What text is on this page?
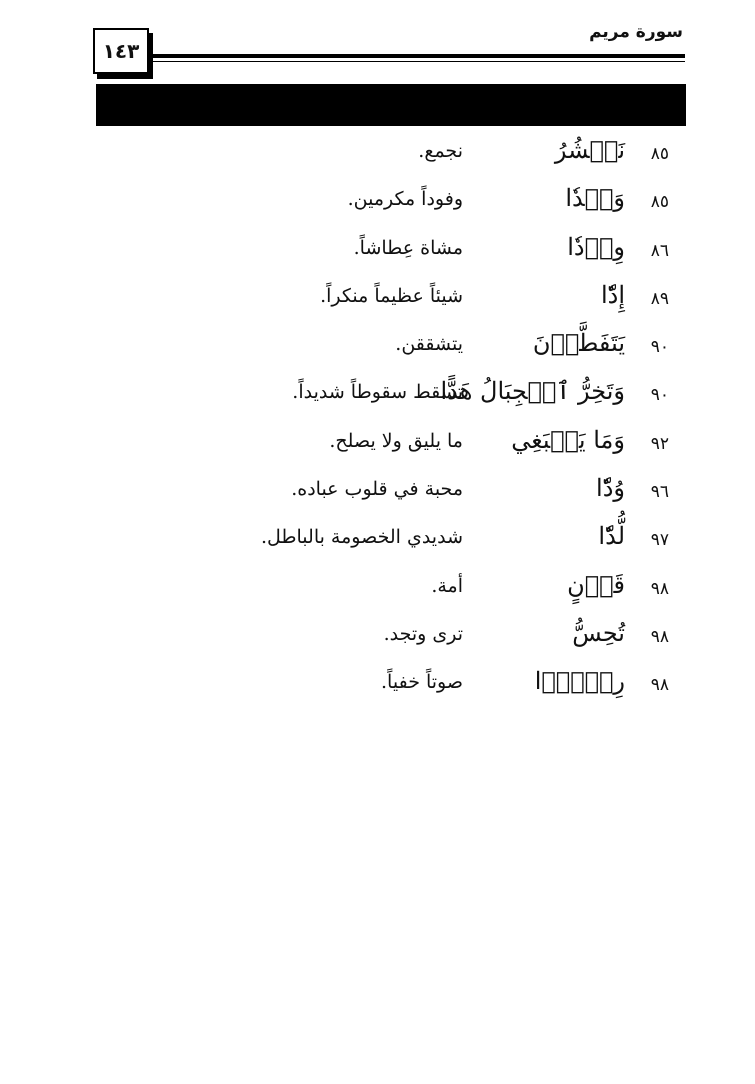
١٤٣
سورة مريم
٨٥
نَحۡشُرُ
نجمع.
٨٥
وَفۡدٗا
وفوداً مكرمين.
٨٦
وِرۡدٗا
مشاة عِطاشاً.
٨٩
إِدّٗا
شيئاً عظيماً منكراً.
٩٠
يَتَفَطَّرۡنَ
يتشققن.
٩٠
وَتَخِرُّ ٱلۡجِبَالُ هَدًّا
تسقط سقوطاً شديداً.
٩٢
وَمَا يَنۢبَغِي
ما يليق ولا يصلح.
٩٦
وُدّٗا
محبة في قلوب عباده.
٩٧
لُّدّٗا
شديدي الخصومة بالباطل.
٩٨
قَرۡنٍ
أمة.
٩٨
تُحِسُّ
ترى وتجد.
٩٨
رِكۡزَۢا
صوتاً خفياً.
